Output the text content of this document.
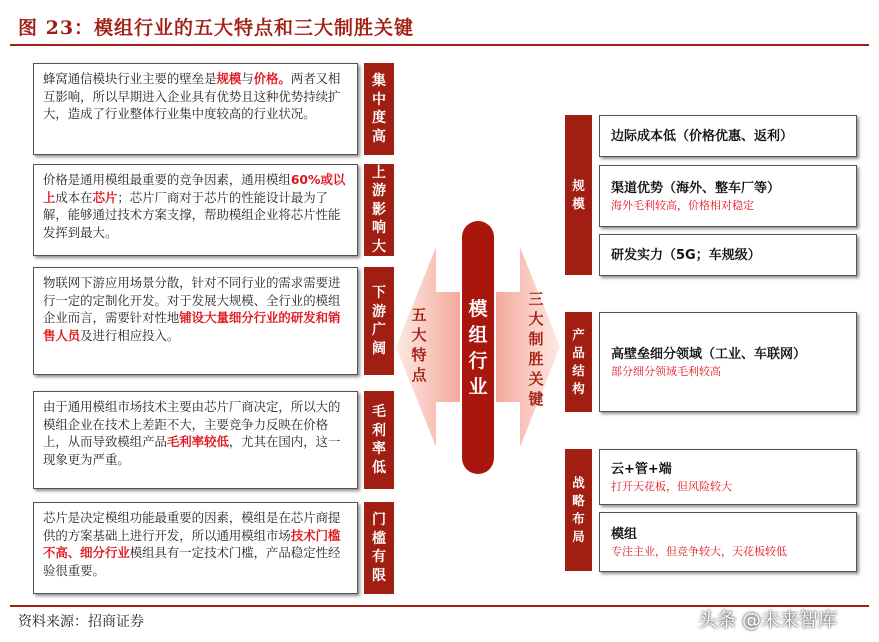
图 23：模组行业的五大特点和三大制胜关键
蜂窝通信模块行业主要的壁垒是规模与价格。两者又相互影响，所以早期进入企业具有优势且这种优势持续扩大，造成了行业整体行业集中度较高的行业状况。
价格是通用模组最重要的竞争因素，通用模组60%或以上成本在芯片；芯片厂商对于芯片的性能设计最为了解，能够通过技术方案支撑，帮助模组企业将芯片性能发挥到最大。
物联网下游应用场景分散，针对不同行业的需求需要进行一定的定制化开发。对于发展大规模、全行业的模组企业而言，需要针对性地铺设大量细分行业的研发和销售人员及进行相应投入。
由于通用模组市场技术主要由芯片厂商决定，所以大的模组企业在技术上差距不大，主要竞争力反映在价格上，从而导致模组产品毛利率较低，尤其在国内，这一现象更为严重。
芯片是决定模组功能最重要的因素，模组是在芯片商提供的方案基础上进行开发，所以通用模组市场技术门槛不高、细分行业模组具有一定技术门槛，产品稳定性经验很重要。
集中度高
上游影响大
下游广阔
毛利率低
门槛有限
五大特点
模组行业
三大制胜关键
规模
边际成本低（价格优惠、返利）
渠道优势（海外、整车厂等）
海外毛利较高，价格相对稳定
研发实力（5G；车规级）
产品结构
高壁垒细分领域（工业、车联网）
部分细分领域毛利较高
战略布局
云+管+端
打开天花板，但风险较大
模组
专注主业，但竞争较大，天花板较低
资料来源：招商证券	头条 @未来智库
